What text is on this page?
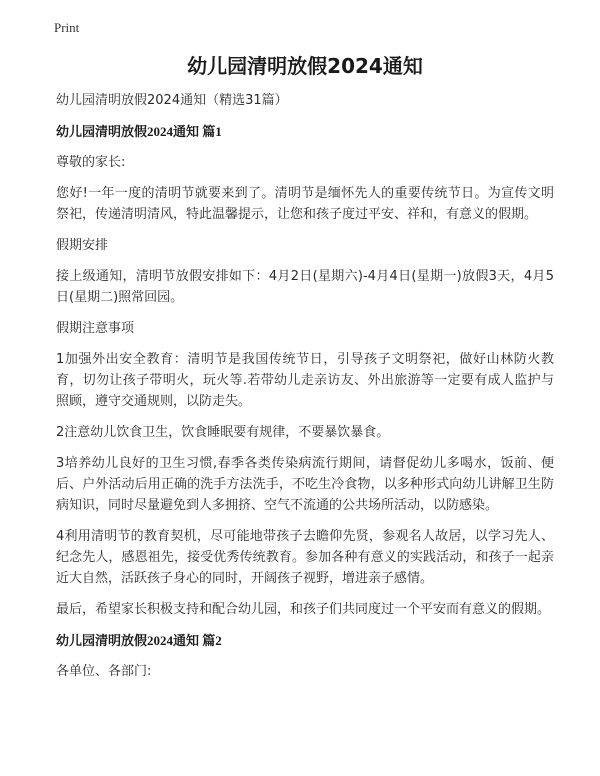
Print
幼儿园清明放假2024通知

幼儿园清明放假2024通知（精选31篇）

幼儿园清明放假2024通知 篇1

尊敬的家长:

您好!一年一度的清明节就要来到了。清明节是缅怀先人的重要传统节日。为宣传文明祭祀，传递清明清风，特此温馨提示，让您和孩子度过平安、祥和，有意义的假期。

假期安排

接上级通知，清明节放假安排如下：4月2日(星期六)-4月4日(星期一)放假3天，4月5日(星期二)照常回园。

假期注意事项

1加强外出安全教育：清明节是我国传统节日，引导孩子文明祭祀，做好山林防火教育，切勿让孩子带明火，玩火等.若带幼儿走亲访友、外出旅游等一定要有成人监护与照顾，遵守交通规则，以防走失。

2注意幼儿饮食卫生，饮食睡眠要有规律，不要暴饮暴食。

3培养幼儿良好的卫生习惯,春季各类传染病流行期间，请督促幼儿多喝水，饭前、便后、户外活动后用正确的洗手方法洗手，不吃生冷食物，以多种形式向幼儿讲解卫生防病知识，同时尽量避免到人多拥挤、空气不流通的公共场所活动，以防感染。

4利用清明节的教育契机，尽可能地带孩子去瞻仰先贤，参观名人故居，以学习先人、纪念先人，感恩祖先，接受优秀传统教育。参加各种有意义的实践活动，和孩子一起亲近大自然，活跃孩子身心的同时，开阔孩子视野，增进亲子感情。

最后，希望家长积极支持和配合幼儿园，和孩子们共同度过一个平安而有意义的假期。

幼儿园清明放假2024通知 篇2

各单位、各部门:
